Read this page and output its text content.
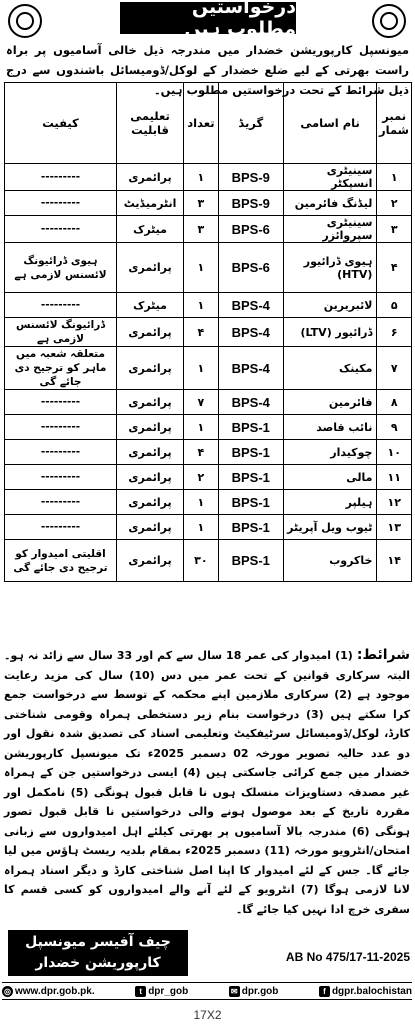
درخواستیں مطلوب ہیں
میونسپل کارپوریشن خضدار میں مندرجہ ذیل خالی آسامیوں پر براہ راست بھرتی کے لیے ضلع خضدار کے لوکل/ڈومیسائل باشندوں سے درج ذیل شرائط کے تحت درخواستیں مطلوب ہیں۔
نمبر شمار	نام اسامی	گریڈ	تعداد	تعلیمی قابلیت	کیفیت
۱	سینیٹری انسپکٹر	BPS-9	۱	پرائمری	---------
۲	لیڈنگ فائرمین	BPS-9	۳	انٹرمیڈیٹ	---------
۳	سینیٹری سپروائزر	BPS-6	۳	میٹرک	---------
۴	ہیوی ڈرائیور (HTV)	BPS-6	۱	پرائمری	ہیوی ڈرائیونگ لائسنس لازمی ہے
۵	لائبریرین	BPS-4	۱	میٹرک	---------
۶	ڈرائیور (LTV)	BPS-4	۴	پرائمری	ڈرائیونگ لائسنس لازمی ہے
۷	مکینک	BPS-4	۱	پرائمری	متعلقہ شعبہ میں ماہر کو ترجیح دی جائے گی
۸	فائرمین	BPS-4	۷	پرائمری	---------
۹	نائب قاصد	BPS-1	۱	پرائمری	---------
۱۰	چوکیدار	BPS-1	۴	پرائمری	---------
۱۱	مالی	BPS-1	۲	پرائمری	---------
۱۲	ہیلپر	BPS-1	۱	پرائمری	---------
۱۳	ٹیوب ویل آپریٹر	BPS-1	۱	پرائمری	---------
۱۴	خاکروب	BPS-1	۳۰	پرائمری	اقلیتی امیدوار کو ترجیح دی جائے گی
شرائط: (1) امیدوار کی عمر 18 سال سے کم اور 33 سال سے زائد نہ ہو۔ البتہ سرکاری قوانین کے تحت عمر میں دس (10) سال کی مزید رعایت موجود ہے (2) سرکاری ملازمین اپنے محکمہ کے توسط سے درخواست جمع کرا سکتے ہیں (3) درخواست بنام زیر دستخطی ہمراہ وقومی شناختی کارڈ، لوکل/ڈومیسائل سرٹیفکیٹ وتعلیمی اسناد کی تصدیق شدہ نقول اور دو عدد حالیہ تصویر مورخہ 02 دسمبر 2025ء تک میونسپل کارپوریشن خضدار میں جمع کرائی جاسکتی ہیں (4) ایسی درخواستیں جن کے ہمراہ غیر مصدقہ دستاویزات منسلک ہوں نا قابل قبول ہونگی (5) نامکمل اور مقررہ تاریخ کے بعد موصول ہونے والی درخواستیں نا قابل قبول تصور ہونگی (6) مندرجہ بالا آسامیوں پر بھرتی کیلئے اہل امیدواروں سے زبانی امتحان/انٹرویو مورخہ (11) دسمبر 2025ء بمقام بلدیہ ریسٹ ہاؤس میں لیا جائے گا۔ جس کے لئے امیدوار کا اپنا اصل شناختی کارڈ و دیگر اسناد ہمراہ لانا لازمی ہوگا (7) انٹرویو کے لئے آنے والے امیدواروں کو کسی قسم کا سفری خرچ ادا نہیں کیا جائے گا۔
چیف آفیسر میونسپل
کارپوریشن خضدار	AB No 475/17-11-2025
◎ www.dpr.gob.pk.	t dpr_gob	✉ dpr.gob	f dgpr.balochistan
17X2
